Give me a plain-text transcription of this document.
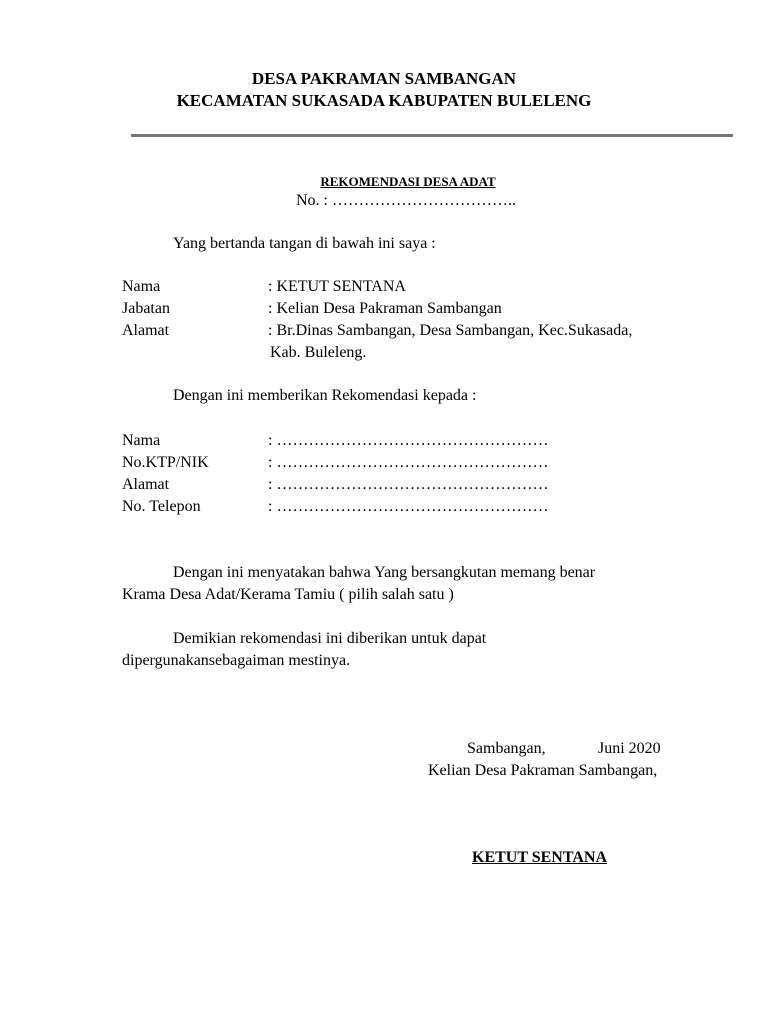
DESA PAKRAMAN SAMBANGAN
KECAMATAN SUKASADA KABUPATEN BULELENG
REKOMENDASI DESA ADAT
No. : ……………………………..
Yang bertanda tangan di bawah ini saya :
Nama	: KETUT SENTANA
Jabatan	: Kelian Desa Pakraman Sambangan
Alamat	: Br.Dinas Sambangan, Desa Sambangan, Kec.Sukasada,
Kab. Buleleng.
Dengan ini memberikan Rekomendasi kepada :
Nama	: ……………………………………………
No.KTP/NIK	: ……………………………………………
Alamat	: ……………………………………………
No. Telepon	: ……………………………………………
Dengan ini menyatakan bahwa Yang bersangkutan memang benar
Krama Desa Adat/Kerama Tamiu ( pilih salah satu )
Demikian rekomendasi ini diberikan untuk dapat
dipergunakansebagaiman mestinya.
Sambangan,	Juni 2020
Kelian Desa Pakraman Sambangan,
KETUT SENTANA
